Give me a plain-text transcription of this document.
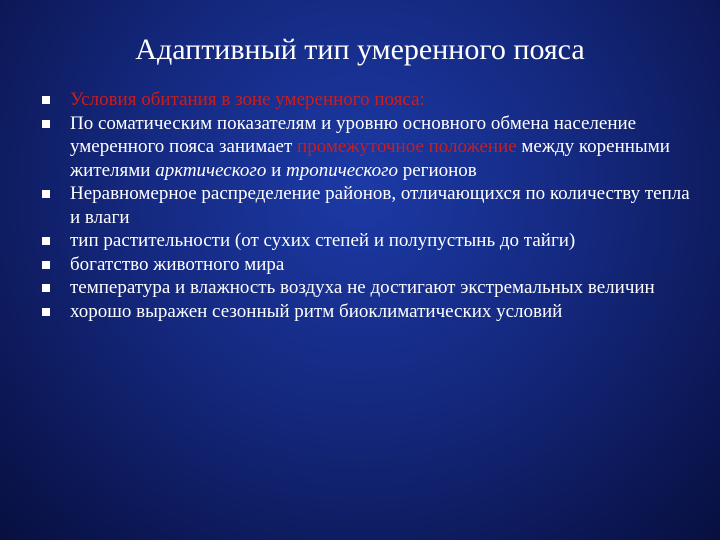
Адаптивный тип умеренного пояса
Условия обитания в зоне умеренного пояса:
По соматическим показателям и уровню основного обмена население умеренного пояса занимает промежуточное положение между коренными жителями арктического и тропического регионов
Неравномерное распределение районов, отличающихся по количеству тепла и влаги
тип растительности (от сухих степей и полупустынь до тайги)
богатство животного мира
температура и влажность воздуха не достигают экстремальных величин
хорошо выражен сезонный ритм биоклиматических условий
